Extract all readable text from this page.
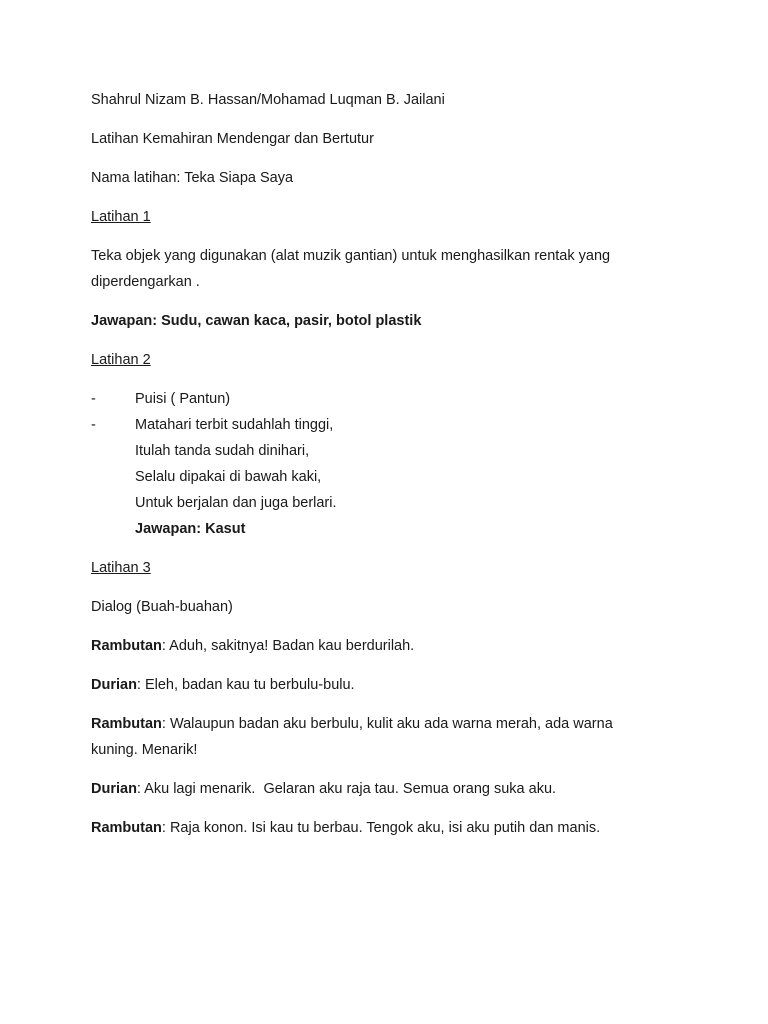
Shahrul Nizam B. Hassan/Mohamad Luqman B. Jailani

Latihan Kemahiran Mendengar dan Bertutur

Nama latihan: Teka Siapa Saya

Latihan 1

Teka objek yang digunakan (alat muzik gantian) untuk menghasilkan rentak yang
diperdengarkan .

Jawapan: Sudu, cawan kaca, pasir, botol plastik

Latihan 2

-	Puisi ( Pantun)
-	Matahari terbit sudahlah tinggi,
Itulah tanda sudah dinihari,
Selalu dipakai di bawah kaki,
Untuk berjalan dan juga berlari.
Jawapan: Kasut

Latihan 3

Dialog (Buah-buahan)

Rambutan: Aduh, sakitnya! Badan kau berdurilah.

Durian: Eleh, badan kau tu berbulu-bulu.

Rambutan: Walaupun badan aku berbulu, kulit aku ada warna merah, ada warna
kuning. Menarik!

Durian: Aku lagi menarik.  Gelaran aku raja tau. Semua orang suka aku.

Rambutan: Raja konon. Isi kau tu berbau. Tengok aku, isi aku putih dan manis.
